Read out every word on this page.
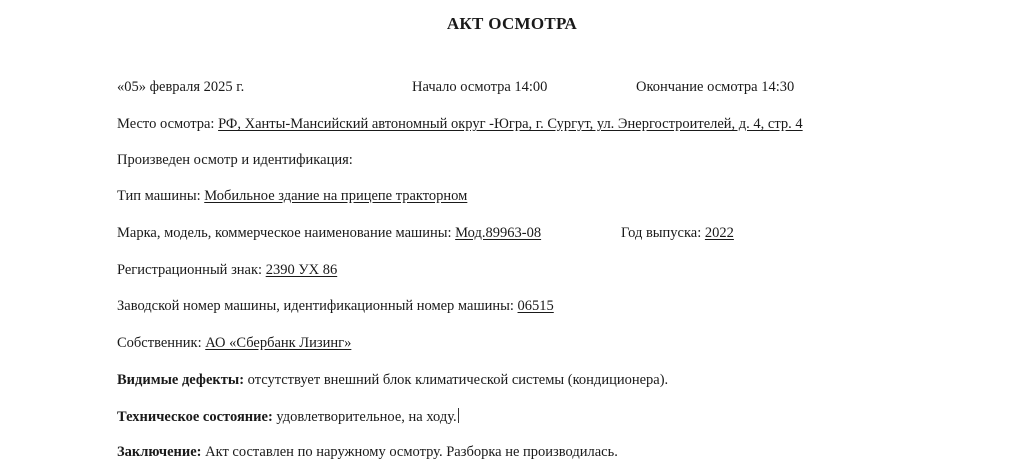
АКТ ОСМОТРА
«05» февраля 2025 г.	Начало осмотра 14:00	Окончание осмотра 14:30
Место осмотра: РФ, Ханты-Мансийский автономный округ -Югра, г. Сургут, ул. Энергостроителей, д. 4, стр. 4
Произведен осмотр и идентификация:
Тип машины: Мобильное здание на прицепе тракторном
Марка, модель, коммерческое наименование машины: Мод.89963-08	Год выпуска: 2022
Регистрационный знак: 2390 УХ 86
Заводской номер машины, идентификационный номер машины: 06515
Собственник: АО «Сбербанк Лизинг»
Видимые дефекты: отсутствует внешний блок климатической системы (кондиционера).
Техническое состояние: удовлетворительное, на ходу.
Заключение: Акт составлен по наружному осмотру. Разборка не производилась.
